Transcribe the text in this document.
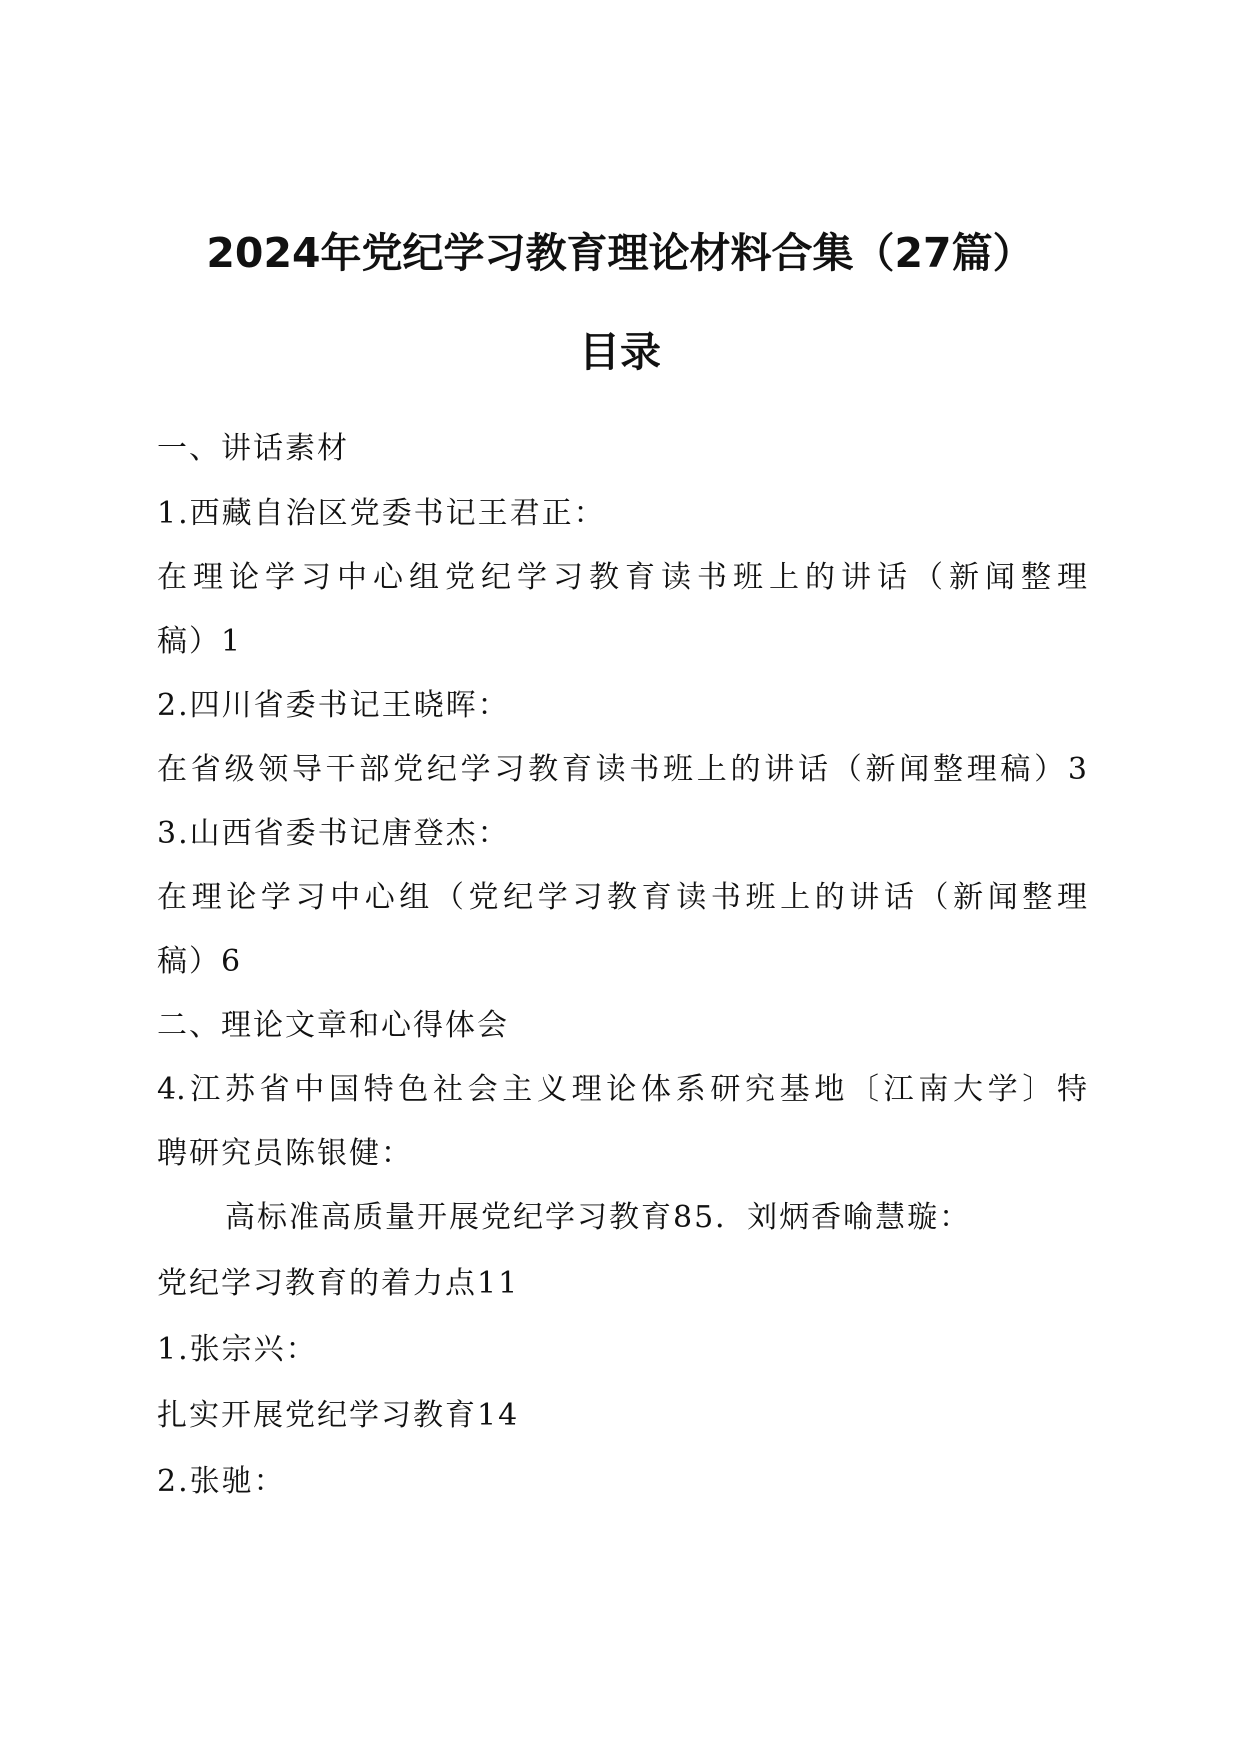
2024年党纪学习教育理论材料合集（27篇）
目录
一、讲话素材
1.西藏自治区党委书记王君正：
在理论学习中心组党纪学习教育读书班上的讲话（新闻整理
稿）1
2.四川省委书记王晓晖：
在省级领导干部党纪学习教育读书班上的讲话（新闻整理稿）3
3.山西省委书记唐登杰：
在理论学习中心组（党纪学习教育读书班上的讲话（新闻整理
稿）6
二、理论文章和心得体会
4.江苏省中国特色社会主义理论体系研究基地〔江南大学〕特
聘研究员陈银健：
高标准高质量开展党纪学习教育85．刘炳香喻慧璇：
党纪学习教育的着力点11
1.张宗兴：
扎实开展党纪学习教育14
2.张驰：
